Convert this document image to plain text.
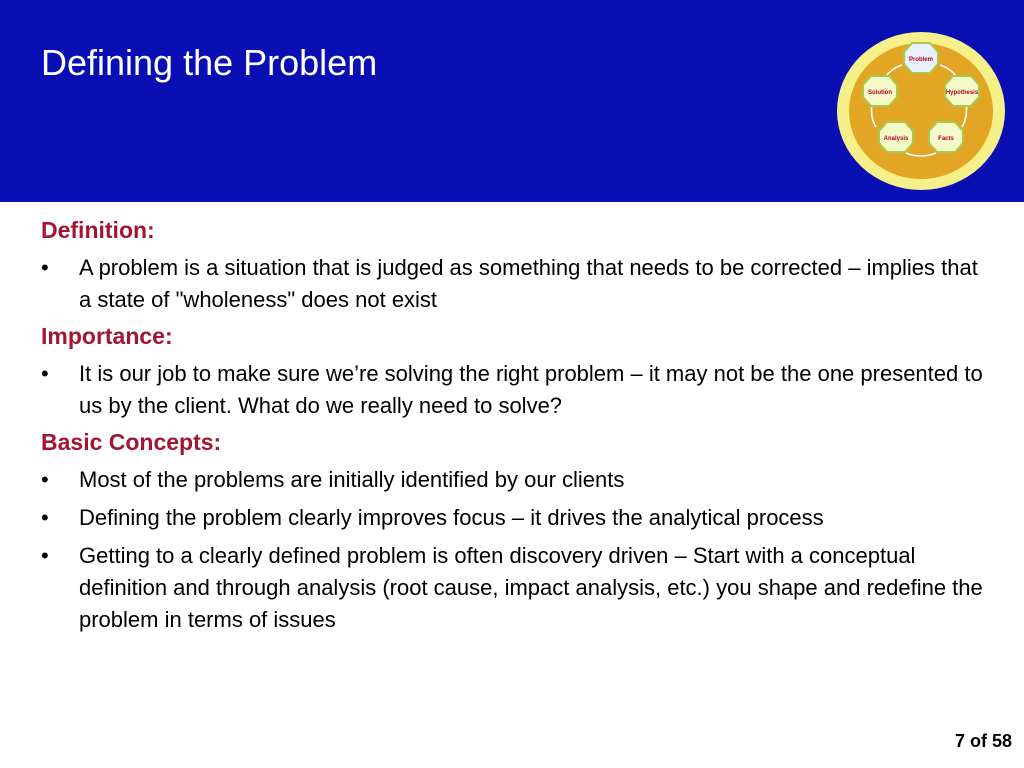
Defining the Problem	Problem
Hypothesis
Facts
Analysis
Solution
Definition:
•	A problem is a situation that is judged as something that needs to be corrected – implies that a state of "wholeness" does not exist
Importance:
•	It is our job to make sure we’re solving the right problem – it may not be the one presented to us by the client. What do we really need to solve?
Basic Concepts:
•	Most of the problems are initially identified by our clients
•	Defining the problem clearly improves focus – it drives the analytical process
•	Getting to a clearly defined problem is often discovery driven – Start with a conceptual definition and through analysis (root cause, impact analysis, etc.) you shape and redefine the problem in terms of issues
7 of 58
